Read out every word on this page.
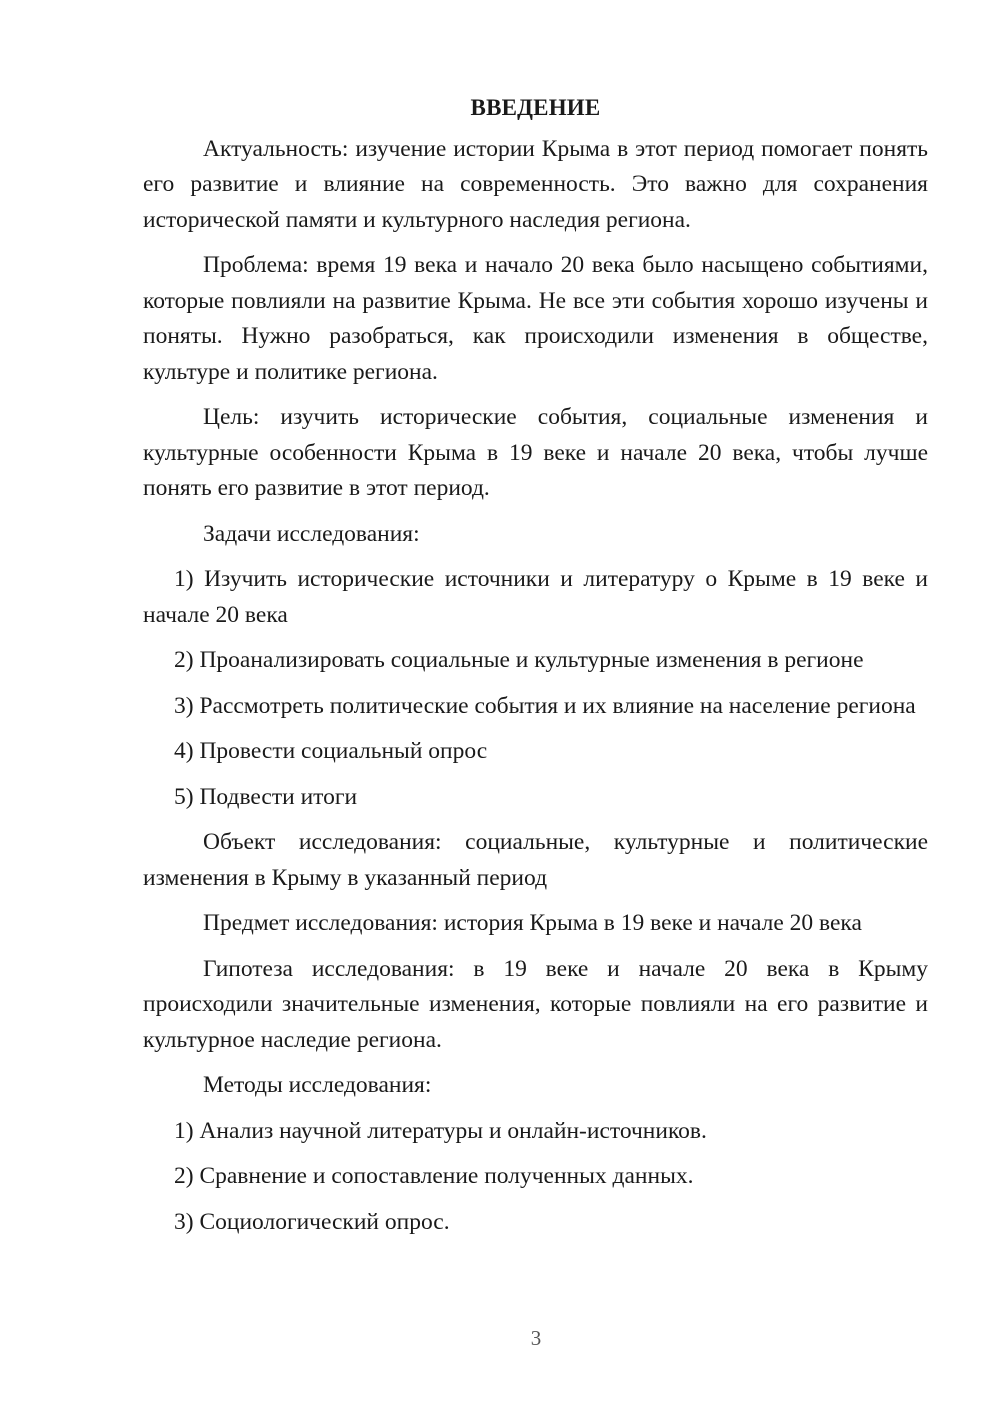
ВВЕДЕНИЕ

Актуальность: изучение истории Крыма в этот период помогает понять его развитие и влияние на современность. Это важно для сохранения исторической памяти и культурного наследия региона.

Проблема: время 19 века и начало 20 века было насыщено событиями, которые повлияли на развитие Крыма. Не все эти события хорошо изучены и поняты. Нужно разобраться, как происходили изменения в обществе, культуре и политике региона.

Цель: изучить исторические события, социальные изменения и культурные особенности Крыма в 19 веке и начале 20 века, чтобы лучше понять его развитие в этот период.

Задачи исследования:

1) Изучить исторические источники и литературу о Крыме в 19 веке и начале 20 века

2) Проанализировать социальные и культурные изменения в регионе

3) Рассмотреть политические события и их влияние на население региона

4) Провести социальный опрос

5) Подвести итоги

Объект исследования: социальные, культурные и политические изменения в Крыму в указанный период

Предмет исследования: история Крыма в 19 веке и начале 20 века

Гипотеза исследования: в 19 веке и начале 20 века в Крыму происходили значительные изменения, которые повлияли на его развитие и культурное наследие региона.

Методы исследования:

1) Анализ научной литературы и онлайн-источников.

2) Сравнение и сопоставление полученных данных.

3) Социологический опрос.

3
